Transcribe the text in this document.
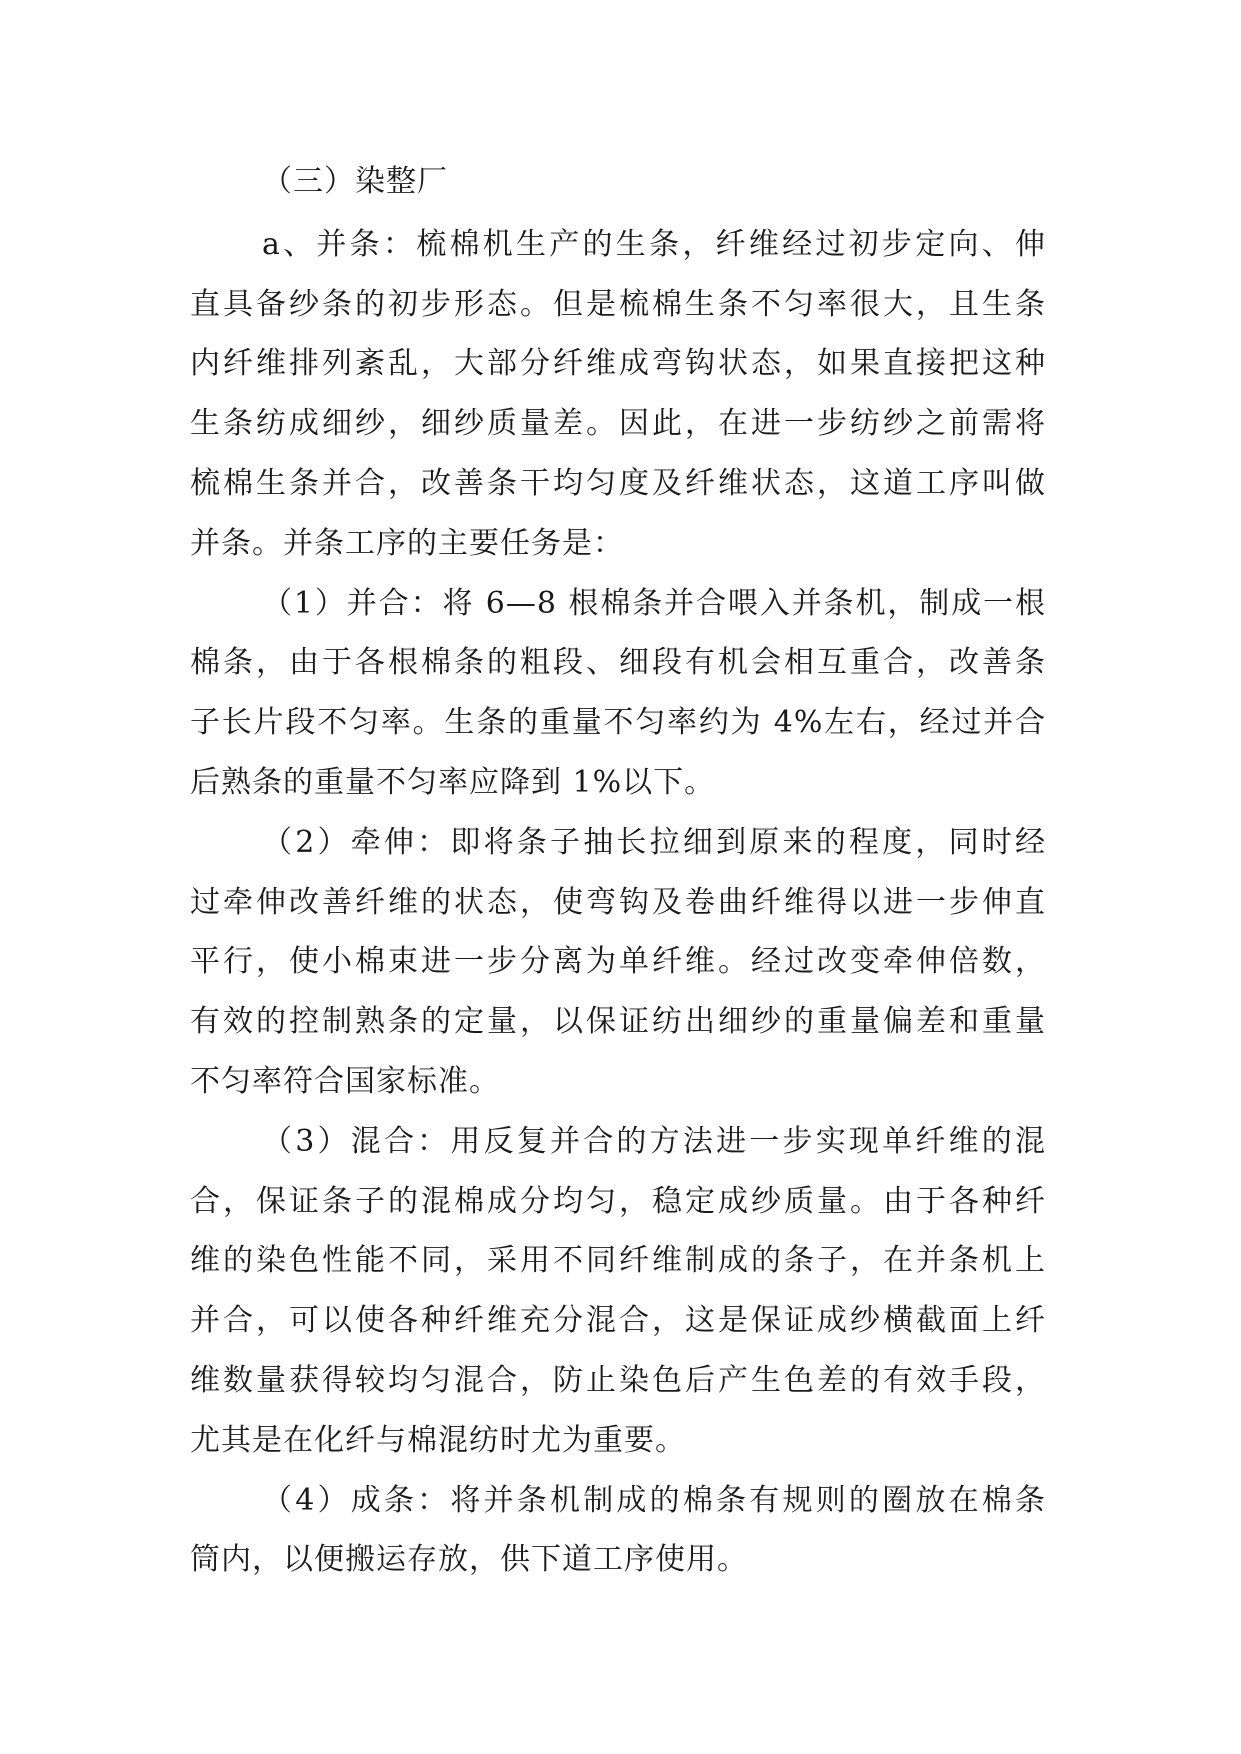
（三）染整厂
a、并条：梳棉机生产的生条，纤维经过初步定向、伸
直具备纱条的初步形态。但是梳棉生条不匀率很大，且生条
内纤维排列紊乱，大部分纤维成弯钩状态，如果直接把这种
生条纺成细纱，细纱质量差。因此，在进一步纺纱之前需将
梳棉生条并合，改善条干均匀度及纤维状态，这道工序叫做
并条。并条工序的主要任务是：
（1）并合：将 6—8 根棉条并合喂入并条机，制成一根
棉条，由于各根棉条的粗段、细段有机会相互重合，改善条
子长片段不匀率。生条的重量不匀率约为 4%左右，经过并合
后熟条的重量不匀率应降到 1%以下。
（2）牵伸：即将条子抽长拉细到原来的程度，同时经
过牵伸改善纤维的状态，使弯钩及卷曲纤维得以进一步伸直
平行，使小棉束进一步分离为单纤维。经过改变牵伸倍数，
有效的控制熟条的定量，以保证纺出细纱的重量偏差和重量
不匀率符合国家标准。
（3）混合：用反复并合的方法进一步实现单纤维的混
合，保证条子的混棉成分均匀，稳定成纱质量。由于各种纤
维的染色性能不同，采用不同纤维制成的条子，在并条机上
并合，可以使各种纤维充分混合，这是保证成纱横截面上纤
维数量获得较均匀混合，防止染色后产生色差的有效手段，
尤其是在化纤与棉混纺时尤为重要。
（4）成条：将并条机制成的棉条有规则的圈放在棉条
筒内，以便搬运存放，供下道工序使用。
